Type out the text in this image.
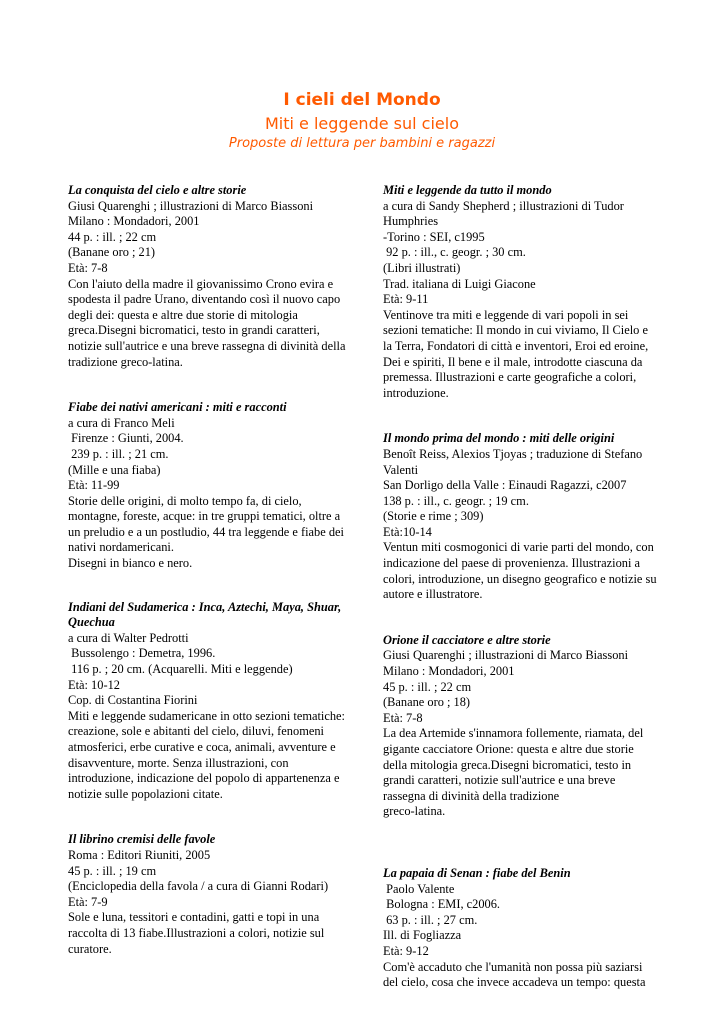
I cieli del Mondo
Miti e leggende sul cielo
Proposte di lettura per bambini e ragazzi
La conquista del cielo e altre storie
Giusi Quarenghi ; illustrazioni di Marco Biassoni
Milano : Mondadori, 2001
44 p. : ill. ; 22 cm
(Banane oro ; 21)
Età: 7-8
Con l'aiuto della madre il giovanissimo Crono evira e spodesta il padre Urano, diventando così il nuovo capo degli dei: questa e altre due storie di mitologia greca.Disegni bicromatici, testo in grandi caratteri, notizie sull'autrice e una breve rassegna di divinità della tradizione greco-latina.
Fiabe dei nativi americani : miti e racconti
a cura di Franco Meli
Firenze : Giunti, 2004.
239 p. : ill. ; 21 cm.
(Mille e una fiaba)
Età: 11-99
Storie delle origini, di molto tempo fa, di cielo, montagne, foreste, acque: in tre gruppi tematici, oltre a un preludio e a un postludio, 44 tra leggende e fiabe dei nativi nordamericani.
Disegni in bianco e nero.
Indiani del Sudamerica : Inca, Aztechi, Maya, Shuar, Quechua
a cura di Walter Pedrotti
Bussolengo : Demetra, 1996.
116 p. ; 20 cm. (Acquarelli. Miti e leggende)
Età: 10-12
Cop. di Costantina Fiorini
Miti e leggende sudamericane in otto sezioni tematiche: creazione, sole e abitanti del cielo, diluvi, fenomeni atmosferici, erbe curative e coca, animali, avventure e disavventure, morte. Senza illustrazioni, con introduzione, indicazione del popolo di appartenenza e notizie sulle popolazioni citate.
Il librino cremisi delle favole
Roma : Editori Riuniti, 2005
45 p. : ill. ; 19 cm
(Enciclopedia della favola / a cura di Gianni Rodari)
Età: 7-9
Sole e luna, tessitori e contadini, gatti e topi in una raccolta di 13 fiabe.Illustrazioni a colori, notizie sul curatore.
Miti e leggende da tutto il mondo
a cura di Sandy Shepherd ; illustrazioni di Tudor Humphries
-Torino : SEI, c1995
92 p. : ill., c. geogr. ; 30 cm.
(Libri illustrati)
Trad. italiana di Luigi Giacone
Età: 9-11
Ventinove tra miti e leggende di vari popoli in sei sezioni tematiche: Il mondo in cui viviamo, Il Cielo e la Terra, Fondatori di città e inventori, Eroi ed eroine, Dei e spiriti, Il bene e il male, introdotte ciascuna da premessa. Illustrazioni e carte geografiche a colori, introduzione.
Il mondo prima del mondo : miti delle origini
Benoît Reiss, Alexios Tjoyas ; traduzione di Stefano Valenti
San Dorligo della Valle : Einaudi Ragazzi, c2007
138 p. : ill., c. geogr. ; 19 cm.
(Storie e rime ; 309)
Età:10-14
Ventun miti cosmogonici di varie parti del mondo, con indicazione del paese di provenienza. Illustrazioni a colori, introduzione, un disegno geografico e notizie su autore e illustratore.
Orione il cacciatore e altre storie
Giusi Quarenghi ; illustrazioni di Marco Biassoni
Milano : Mondadori, 2001
45 p. : ill. ; 22 cm
(Banane oro ; 18)
Età: 7-8
La dea Artemide s'innamora follemente, riamata, del gigante cacciatore Orione: questa e altre due storie della mitologia greca.Disegni bicromatici, testo in grandi caratteri, notizie sull'autrice e una breve rassegna di divinità della tradizione
greco-latina.
La papaia di Senan : fiabe del Benin
Paolo Valente
Bologna : EMI, c2006.
63 p. : ill. ; 27 cm.
Ill. di Fogliazza
Età: 9-12
Com'è accaduto che l'umanità non possa più saziarsi del cielo, cosa che invece accadeva un tempo: questa
